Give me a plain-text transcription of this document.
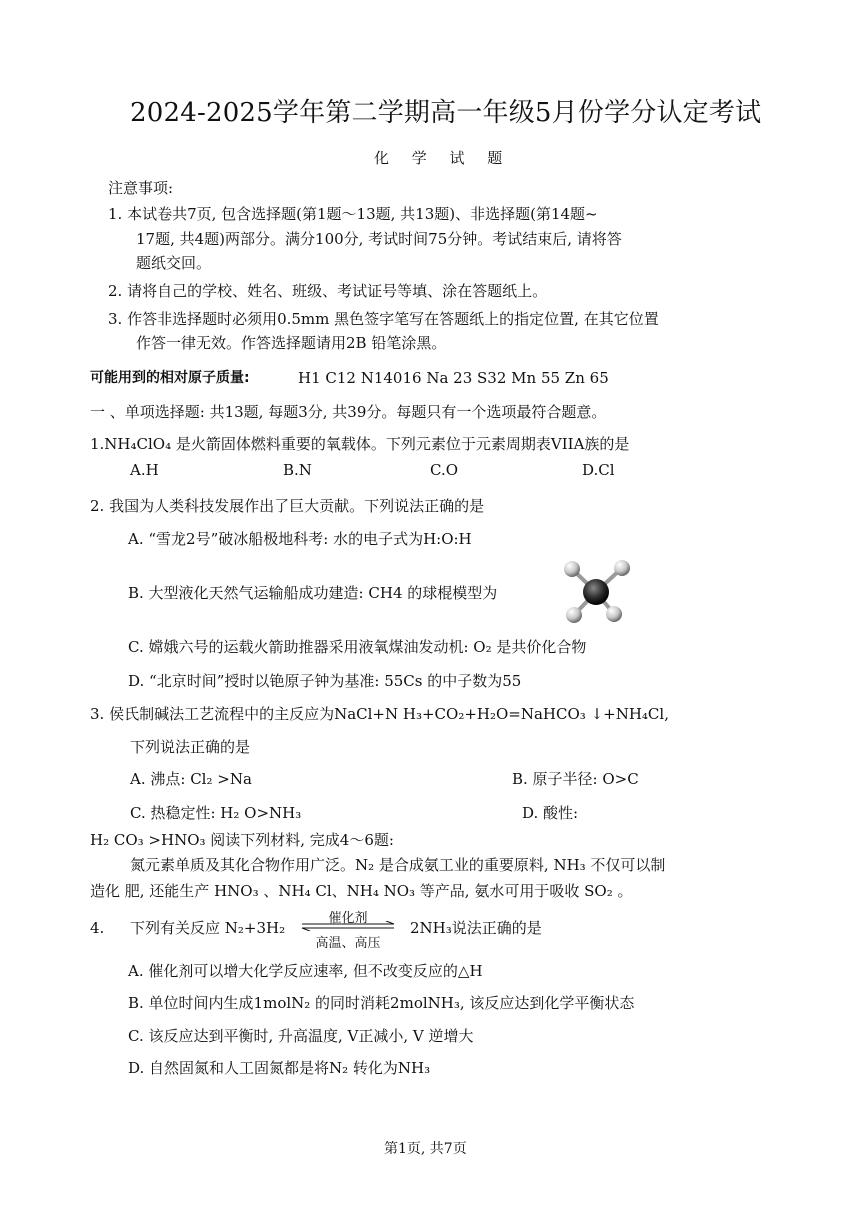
2024-2025学年第二学期高一年级5月份学分认定考试
化 学 试 题
注意事项:
1. 本试卷共7页, 包含选择题(第1题～13题, 共13题)、非选择题(第14题~
17题, 共4题)两部分。满分100分, 考试时间75分钟。考试结束后, 请将答
题纸交回。
2. 请将自己的学校、姓名、班级、考试证号等填、涂在答题纸上。
3. 作答非选择题时必须用0.5mm 黑色签字笔写在答题纸上的指定位置, 在其它位置
作答一律无效。作答选择题请用2B 铅笔涂黑。
可能用到的相对原子质量:	H1 C12 N14016 Na 23 S32 Mn 55 Zn 65
一 、单项选择题: 共13题, 每题3分, 共39分。每题只有一个选项最符合题意。
1.NH₄ClO₄ 是火箭固体燃料重要的氧载体。下列元素位于元素周期表VIIA族的是
A.H	B.N	C.O	D.Cl
2. 我国为人类科技发展作出了巨大贡献。下列说法正确的是
A. “雪龙2号”破冰船极地科考: 水的电子式为H:O:H
B. 大型液化天然气运输船成功建造: CH4 的球棍模型为
C. 嫦娥六号的运载火箭助推器采用液氧煤油发动机: O₂ 是共价化合物
D. “北京时间”授时以铯原子钟为基准: 55Cs 的中子数为55
3. 侯氏制碱法工艺流程中的主反应为NaCl+N H₃+CO₂+H₂O=NaHCO₃ ↓+NH₄Cl,
下列说法正确的是
A. 沸点: Cl₂ >Na	B. 原子半径: O>C
C. 热稳定性: H₂ O>NH₃	D. 酸性:
H₂ CO₃ >HNO₃ 阅读下列材料, 完成4～6题:
氮元素单质及其化合物作用广泛。N₂ 是合成氨工业的重要原料, NH₃ 不仅可以制
造化 肥, 还能生产 HNO₃ 、NH₄ Cl、NH₄ NO₃ 等产品, 氨水可用于吸收 SO₂ 。
4. 下列有关反应 N₂+3H₂
催化剂
高温、高压
2NH₃说法正确的是
A. 催化剂可以增大化学反应速率, 但不改变反应的△H
B. 单位时间内生成1molN₂ 的同时消耗2molNH₃, 该反应达到化学平衡状态
C. 该反应达到平衡时, 升高温度, V正减小, V 逆增大
D. 自然固氮和人工固氮都是将N₂ 转化为NH₃
第1页, 共7页
